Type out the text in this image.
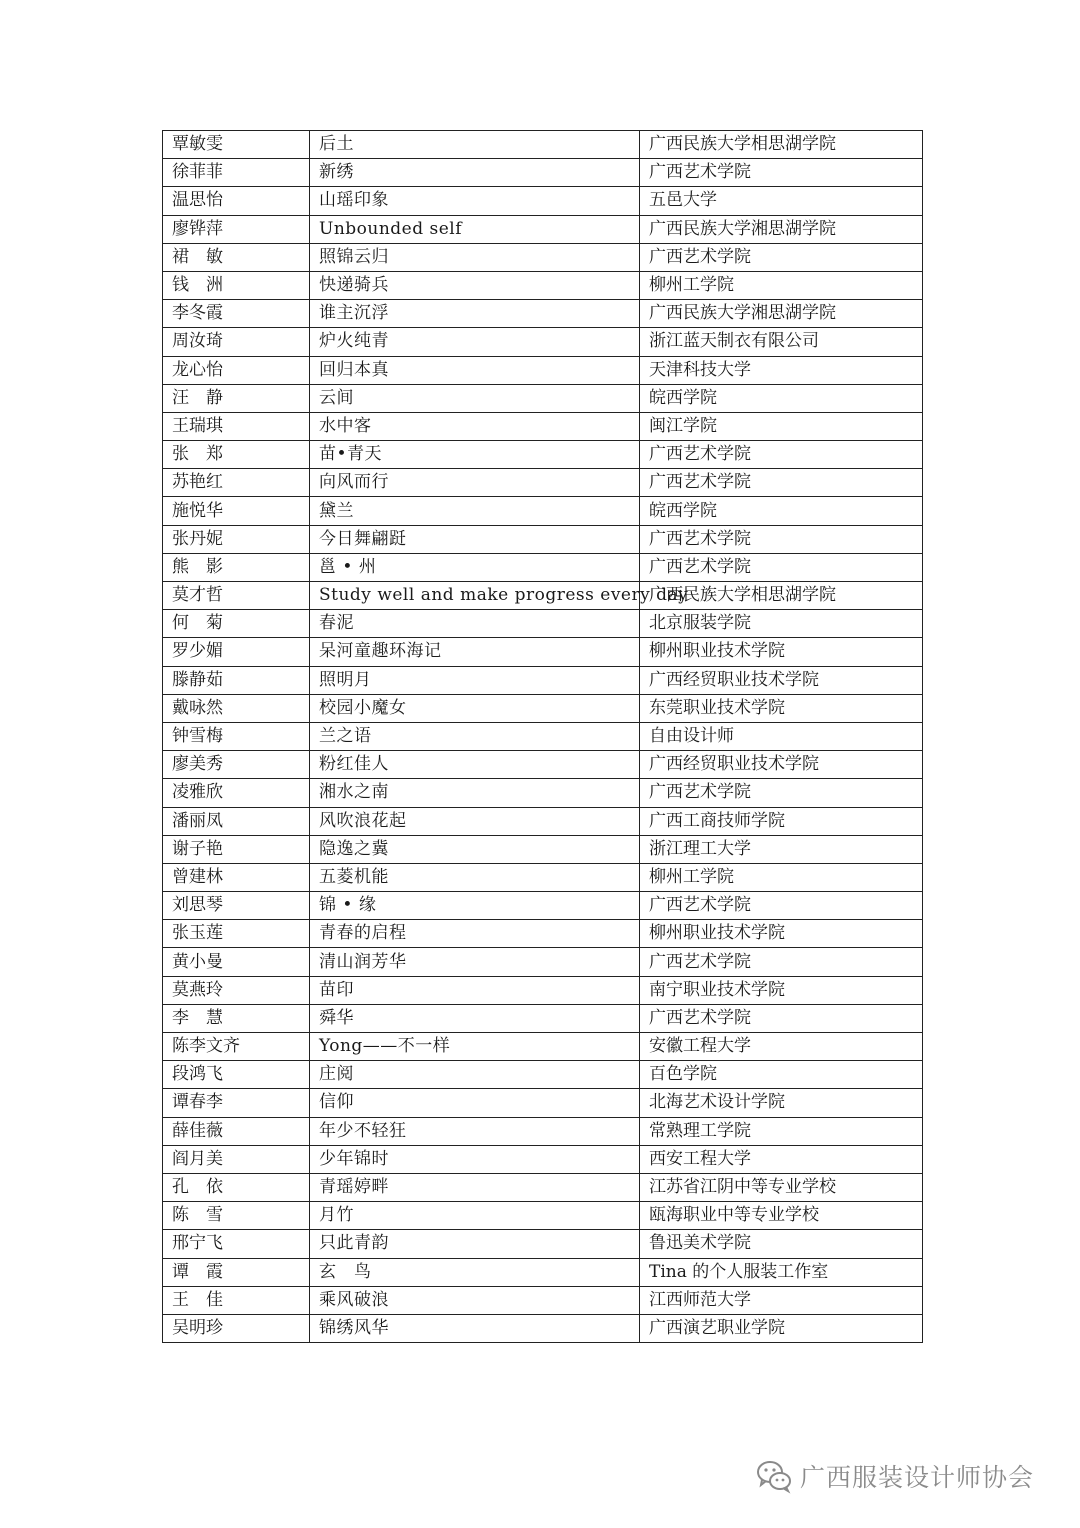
覃敏雯	后土	广西民族大学相思湖学院
徐菲菲	新绣	广西艺术学院
温思怡	山瑶印象	五邑大学
廖铧萍	Unbounded self	广西民族大学湘思湖学院
裙　敏	照锦云归	广西艺术学院
钱　洲	快递骑兵	柳州工学院
李冬霞	谁主沉浮	广西民族大学湘思湖学院
周汝琦	炉火纯青	浙江蓝天制衣有限公司
龙心怡	回归本真	天津科技大学
汪　静	云间	皖西学院
王瑞琪	水中客	闽江学院
张　郑	苗•青天	广西艺术学院
苏艳红	向风而行	广西艺术学院
施悦华	黛兰	皖西学院
张丹妮	今日舞翩跹	广西艺术学院
熊　影	邕 • 州	广西艺术学院
莫才哲	Study well and make progress every day	广西民族大学相思湖学院
何　菊	春泥	北京服装学院
罗少媚	呆河童趣环海记	柳州职业技术学院
滕静茹	照明月	广西经贸职业技术学院
戴咏然	校园小魔女	东莞职业技术学院
钟雪梅	兰之语	自由设计师
廖美秀	粉红佳人	广西经贸职业技术学院
凌雅欣	湘水之南	广西艺术学院
潘丽凤	风吹浪花起	广西工商技师学院
谢子艳	隐逸之冀	浙江理工大学
曾建林	五菱机能	柳州工学院
刘思琴	锦 • 缘	广西艺术学院
张玉莲	青春的启程	柳州职业技术学院
黄小曼	清山润芳华	广西艺术学院
莫燕玲	苗印	南宁职业技术学院
李　慧	舜华	广西艺术学院
陈李文齐	Yong——不一样	安徽工程大学
段鸿飞	庄阅	百色学院
谭春李	信仰	北海艺术设计学院
薛佳薇	年少不轻狂	常熟理工学院
阎月美	少年锦时	西安工程大学
孔　依	青瑶婷畔	江苏省江阴中等专业学校
陈　雪	月竹	瓯海职业中等专业学校
邢宁飞	只此青韵	鲁迅美术学院
谭　霞	玄　鸟	Tina 的个人服装工作室
王　佳	乘风破浪	江西师范大学
吴明珍	锦绣风华	广西演艺职业学院
广西服装设计师协会
